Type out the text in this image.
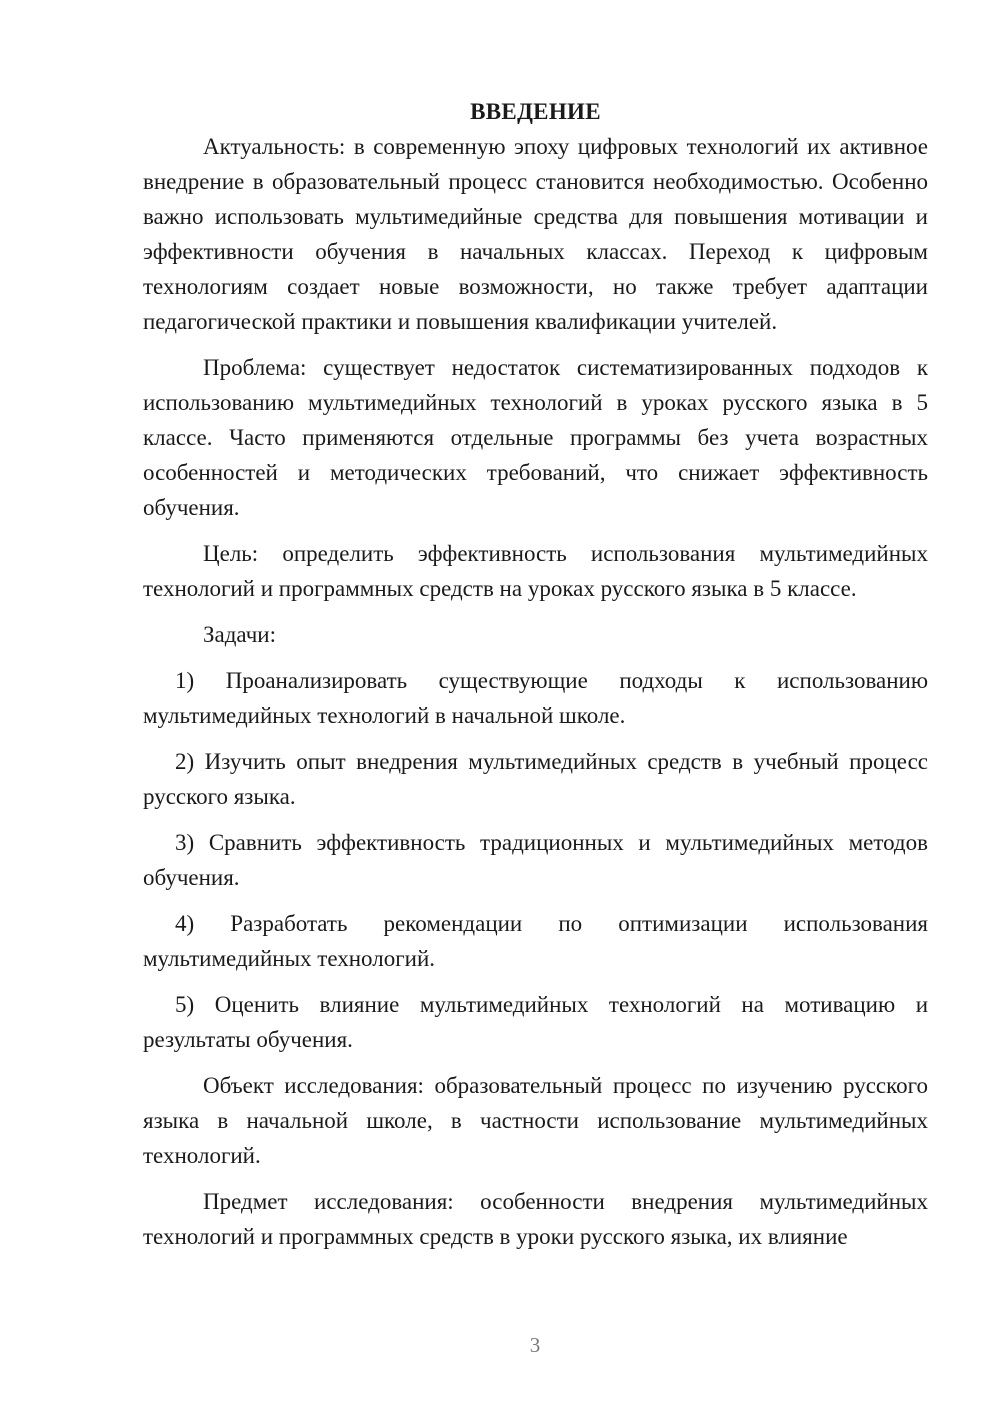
ВВЕДЕНИЕ

Актуальность: в современную эпоху цифровых технологий их активное внедрение в образовательный процесс становится необходимостью. Особенно важно использовать мультимедийные средства для повышения мотивации и эффективности обучения в начальных классах. Переход к цифровым технологиям создает новые возможности, но также требует адаптации педагогической практики и повышения квалификации учителей.

Проблема: существует недостаток систематизированных подходов к использованию мультимедийных технологий в уроках русского языка в 5 классе. Часто применяются отдельные программы без учета возрастных особенностей и методических требований, что снижает эффективность обучения.

Цель: определить эффективность использования мультимедийных технологий и программных средств на уроках русского языка в 5 классе.

Задачи:

1) Проанализировать существующие подходы к использованию мультимедийных технологий в начальной школе.

2) Изучить опыт внедрения мультимедийных средств в учебный процесс русского языка.

3) Сравнить эффективность традиционных и мультимедийных методов обучения.

4) Разработать рекомендации по оптимизации использования мультимедийных технологий.

5) Оценить влияние мультимедийных технологий на мотивацию и результаты обучения.

Объект исследования: образовательный процесс по изучению русского языка в начальной школе, в частности использование мультимедийных технологий.

Предмет исследования: особенности внедрения мультимедийных технологий и программных средств в уроки русского языка, их влияние

3
